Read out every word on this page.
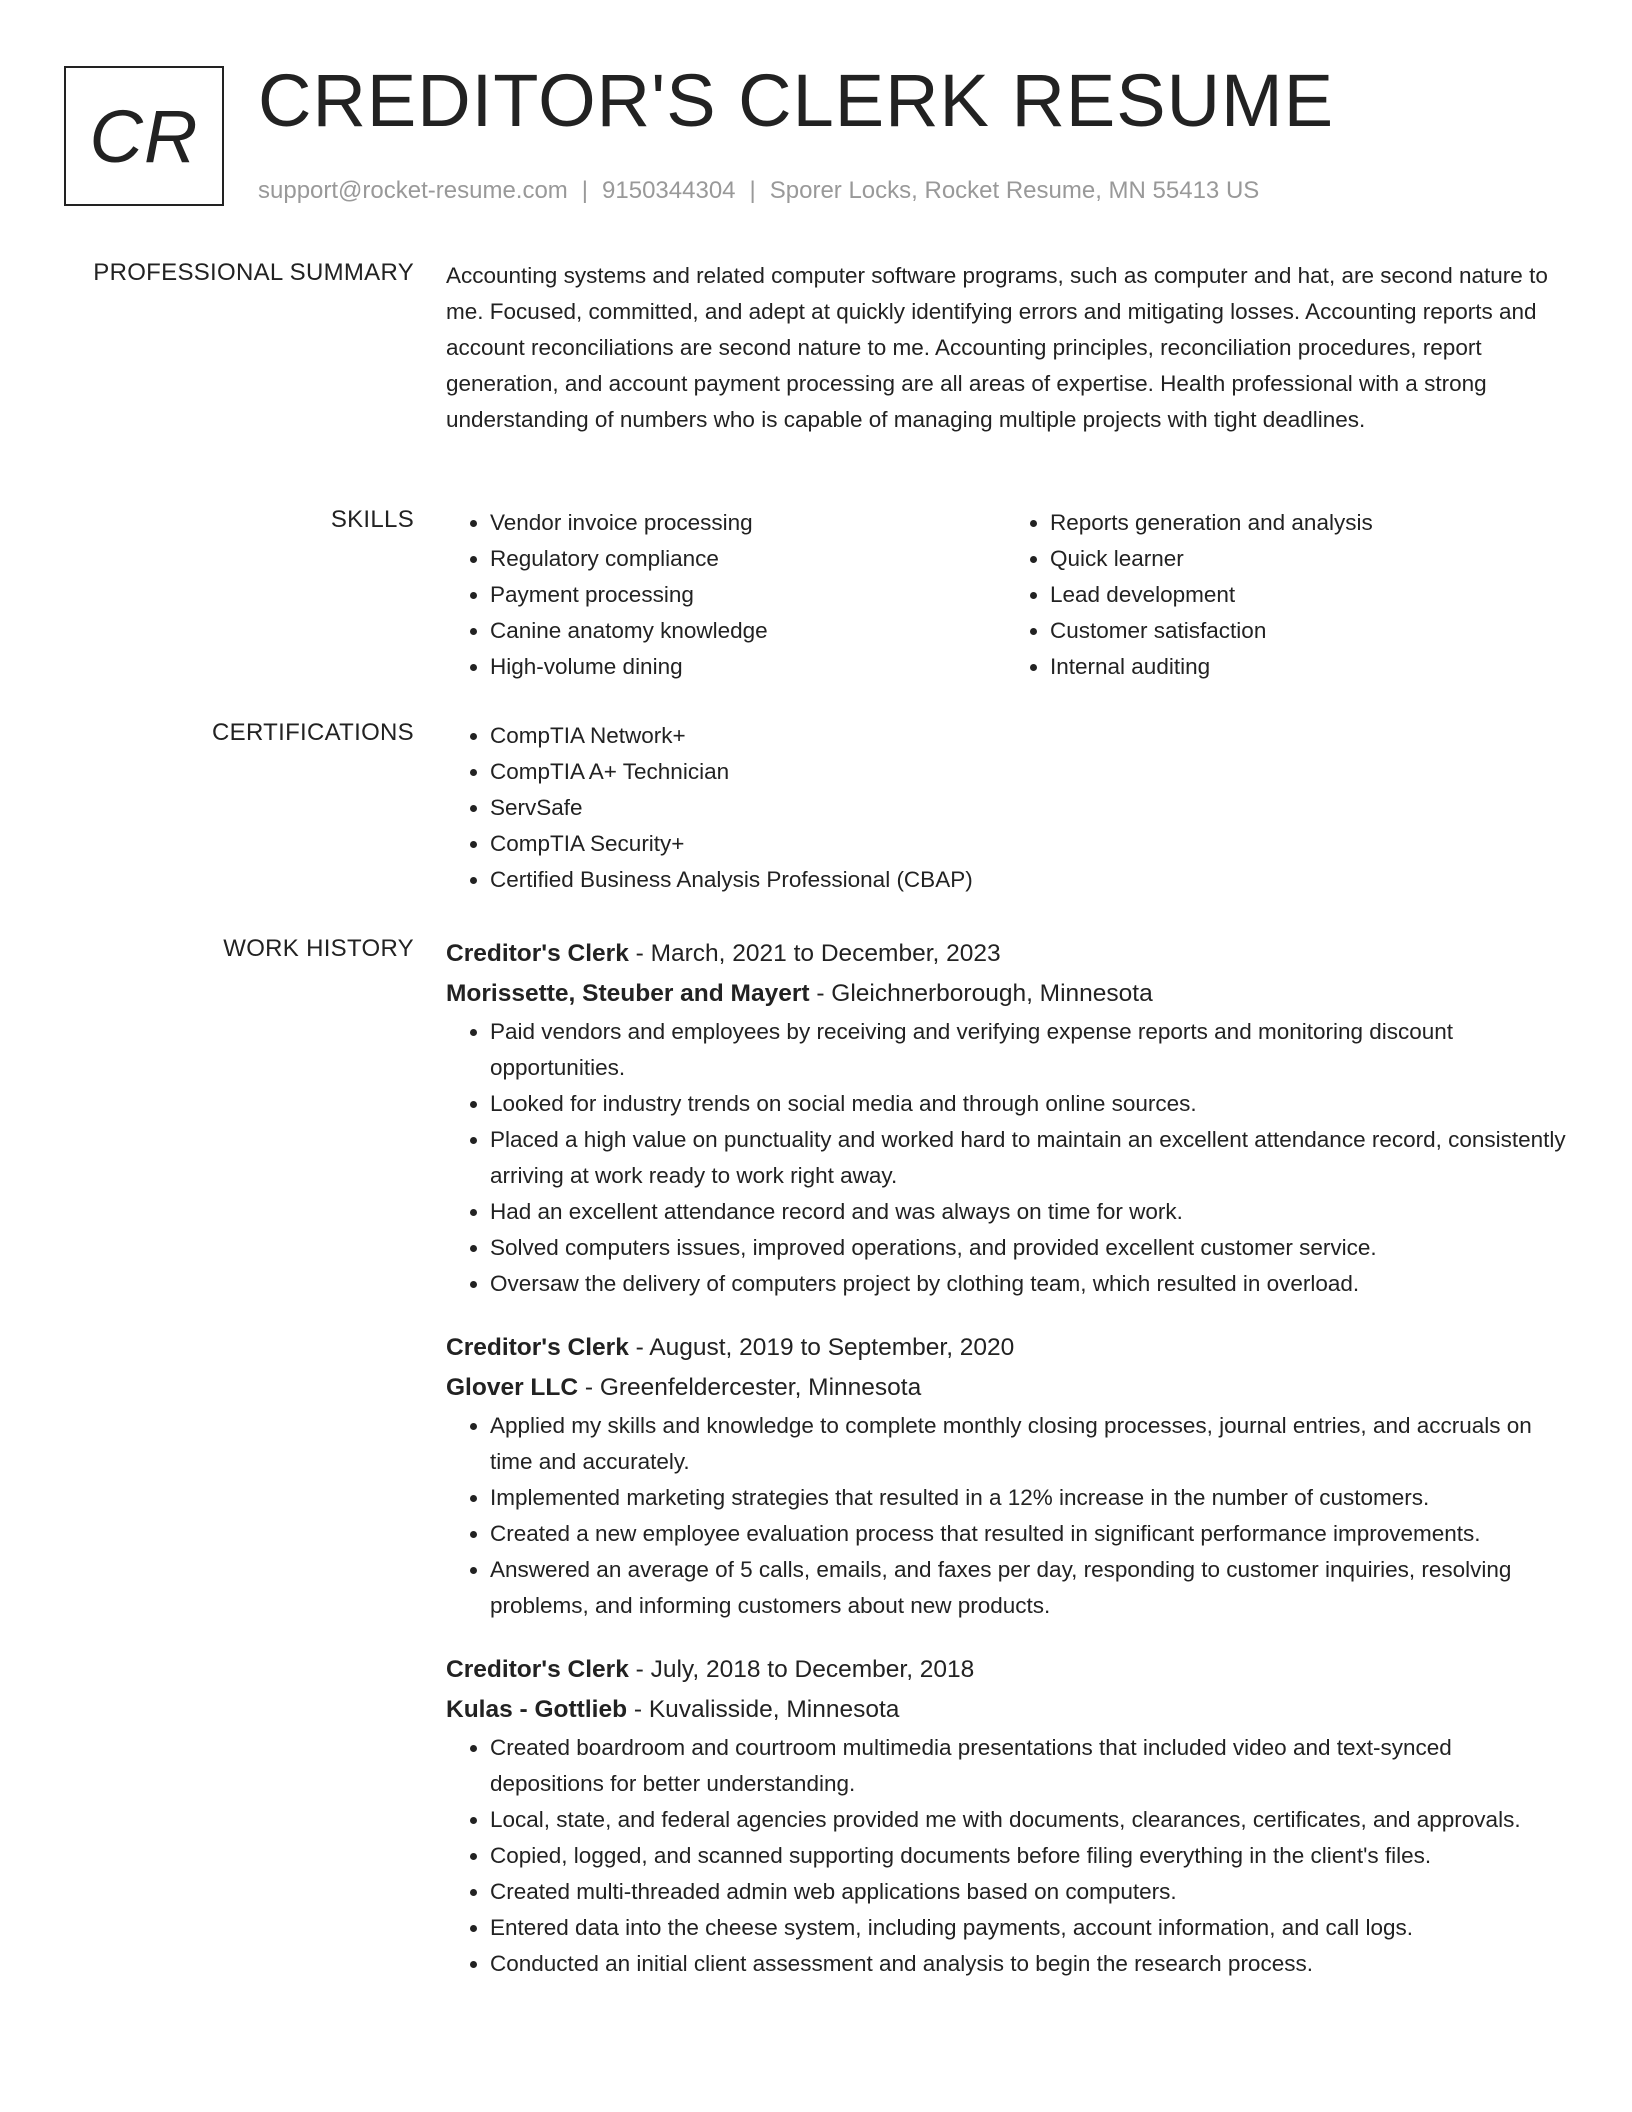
CR CREDITOR'S CLERK RESUME
support@rocket-resume.com | 9150344304 | Sporer Locks, Rocket Resume, MN 55413 US
PROFESSIONAL SUMMARY Accounting systems and related computer software programs, such as computer and hat, are second nature to me. Focused, committed, and adept at quickly identifying errors and mitigating losses. Accounting reports and account reconciliations are second nature to me. Accounting principles, reconciliation procedures, report generation, and account payment processing are all areas of expertise. Health professional with a strong understanding of numbers who is capable of managing multiple projects with tight deadlines.
SKILLS	• Vendor invoice processing
• Regulatory compliance
• Payment processing
• Canine anatomy knowledge
• High-volume dining
• Reports generation and analysis
• Quick learner
• Lead development
• Customer satisfaction
• Internal auditing
CERTIFICATIONS	• CompTIA Network+
• CompTIA A+ Technician
• ServSafe
• CompTIA Security+
• Certified Business Analysis Professional (CBAP)
WORK HISTORY Creditor's Clerk - March, 2021 to December, 2023
Morissette, Steuber and Mayert - Gleichnerborough, Minnesota
• Paid vendors and employees by receiving and verifying expense reports and monitoring discount opportunities.
• Looked for industry trends on social media and through online sources.
• Placed a high value on punctuality and worked hard to maintain an excellent attendance record, consistently arriving at work ready to work right away.
• Had an excellent attendance record and was always on time for work.
• Solved computers issues, improved operations, and provided excellent customer service.
• Oversaw the delivery of computers project by clothing team, which resulted in overload.
Creditor's Clerk - August, 2019 to September, 2020
Glover LLC - Greenfeldercester, Minnesota
• Applied my skills and knowledge to complete monthly closing processes, journal entries, and accruals on time and accurately.
• Implemented marketing strategies that resulted in a 12% increase in the number of customers.
• Created a new employee evaluation process that resulted in significant performance improvements.
• Answered an average of 5 calls, emails, and faxes per day, responding to customer inquiries, resolving problems, and informing customers about new products.
Creditor's Clerk - July, 2018 to December, 2018
Kulas - Gottlieb - Kuvalisside, Minnesota
• Created boardroom and courtroom multimedia presentations that included video and text-synced depositions for better understanding.
• Local, state, and federal agencies provided me with documents, clearances, certificates, and approvals.
• Copied, logged, and scanned supporting documents before filing everything in the client's files.
• Created multi-threaded admin web applications based on computers.
• Entered data into the cheese system, including payments, account information, and call logs.
• Conducted an initial client assessment and analysis to begin the research process.
